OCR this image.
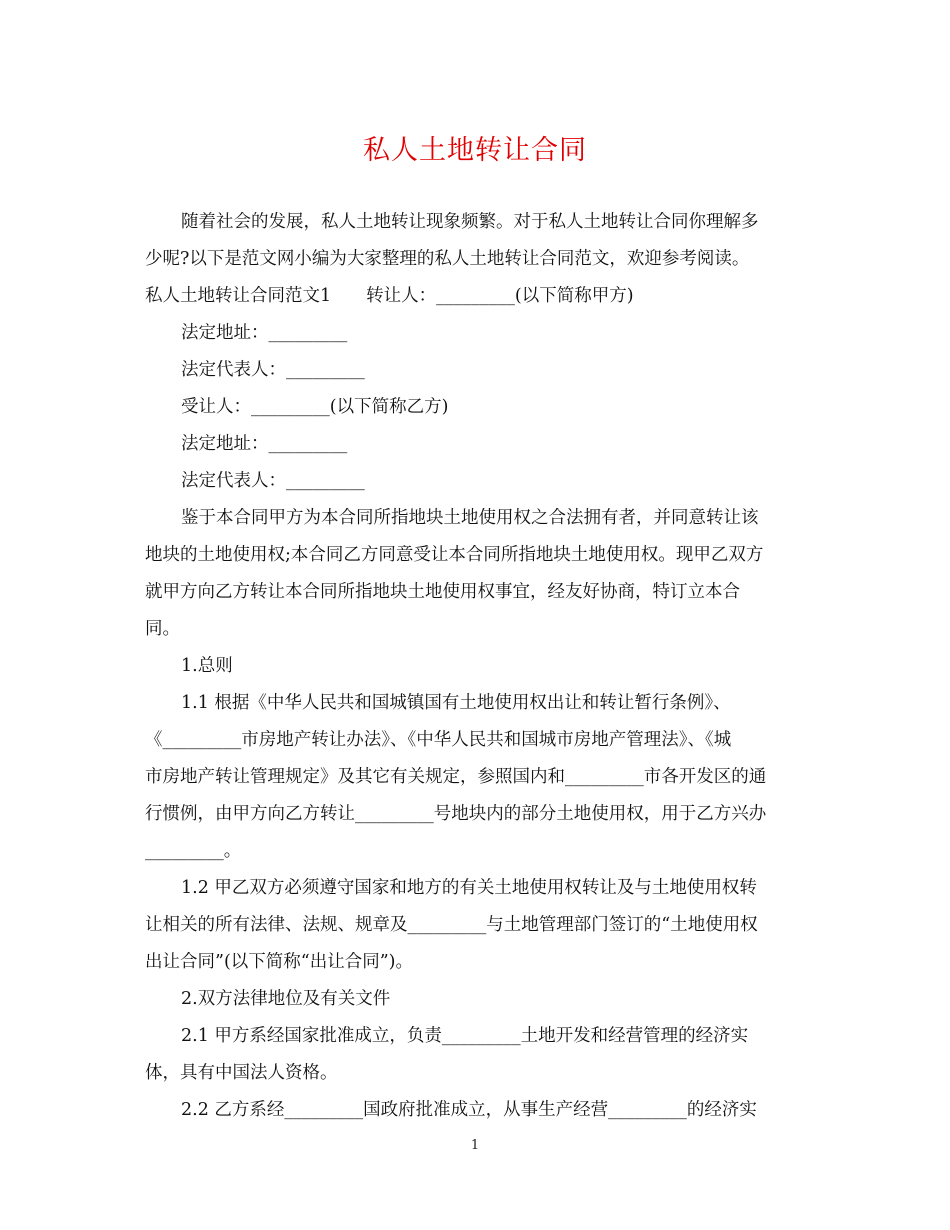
私人土地转让合同
随着社会的发展，私人土地转让现象频繁。对于私人土地转让合同你理解多
少呢?以下是范文网小编为大家整理的私人土地转让合同范文，欢迎参考阅读。
私人土地转让合同范文1　　转让人：_________(以下简称甲方)
法定地址：_________
法定代表人：_________
受让人：_________(以下简称乙方)
法定地址：_________
法定代表人：_________
鉴于本合同甲方为本合同所指地块土地使用权之合法拥有者，并同意转让该
地块的土地使用权;本合同乙方同意受让本合同所指地块土地使用权。现甲乙双方
就甲方向乙方转让本合同所指地块土地使用权事宜，经友好协商，特订立本合
同。
1.总则
1.1 根据《中华人民共和国城镇国有土地使用权出让和转让暂行条例》、
《_________市房地产转让办法》、《中华人民共和国城市房地产管理法》、《城
市房地产转让管理规定》及其它有关规定，参照国内和_________市各开发区的通
行惯例，由甲方向乙方转让_________号地块内的部分土地使用权，用于乙方兴办
_________。
1.2 甲乙双方必须遵守国家和地方的有关土地使用权转让及与土地使用权转
让相关的所有法律、法规、规章及_________与土地管理部门签订的“土地使用权
出让合同”(以下简称“出让合同”)。
2.双方法律地位及有关文件
2.1 甲方系经国家批准成立，负责_________土地开发和经营管理的经济实
体，具有中国法人资格。
2.2 乙方系经_________国政府批准成立，从事生产经营_________的经济实
1
